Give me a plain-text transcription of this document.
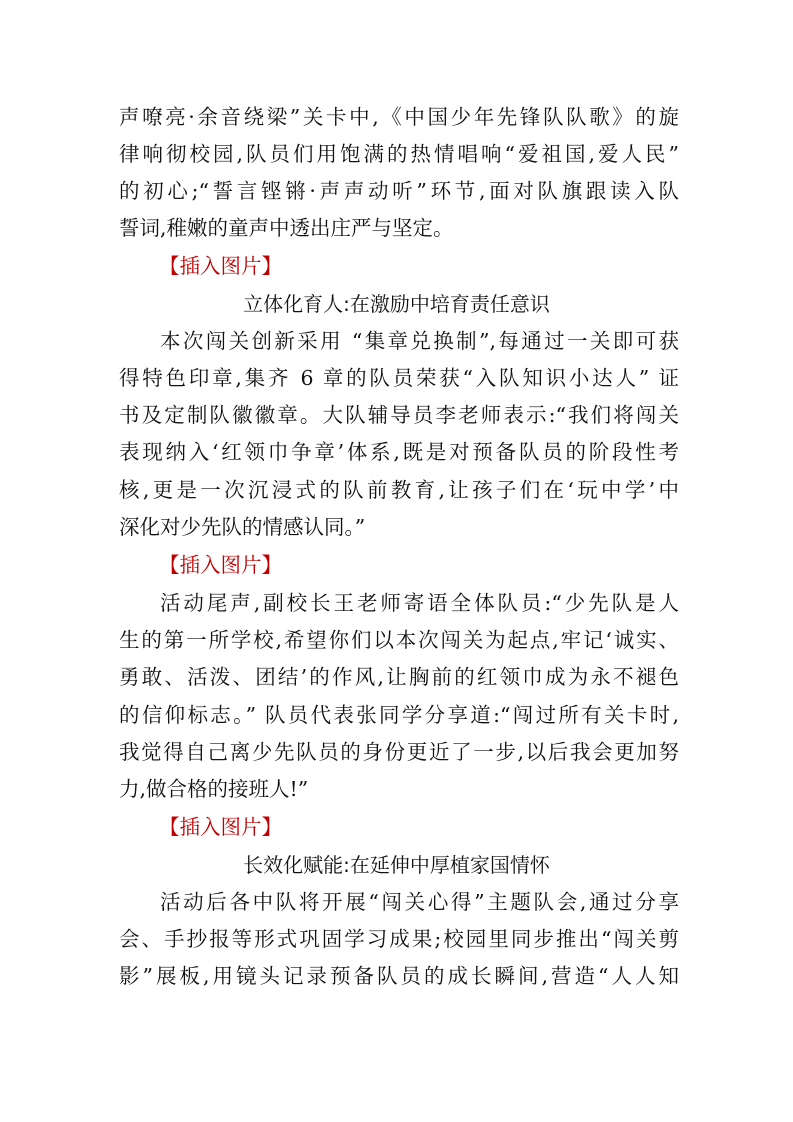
声嘹亮·余音绕梁”关卡中,《中国少年先锋队队歌》的旋
律响彻校园,队员们用饱满的热情唱响“爱祖国,爱人民”
的初心;“誓言铿锵·声声动听”环节,面对队旗跟读入队
誓词,稚嫩的童声中透出庄严与坚定。
【插入图片】
立体化育人:在激励中培育责任意识
本次闯关创新采用 “集章兑换制”,每通过一关即可获
得特色印章,集齐 6 章的队员荣获“入队知识小达人” 证
书及定制队徽徽章。大队辅导员李老师表示:“我们将闯关
表现纳入‘红领巾争章’体系,既是对预备队员的阶段性考
核,更是一次沉浸式的队前教育,让孩子们在‘玩中学’中
深化对少先队的情感认同。”
【插入图片】
活动尾声,副校长王老师寄语全体队员:“少先队是人
生的第一所学校,希望你们以本次闯关为起点,牢记‘诚实、
勇敢、活泼、团结’的作风,让胸前的红领巾成为永不褪色
的信仰标志。” 队员代表张同学分享道:“闯过所有关卡时,
我觉得自己离少先队员的身份更近了一步,以后我会更加努
力,做合格的接班人!”
【插入图片】
长效化赋能:在延伸中厚植家国情怀
活动后各中队将开展“闯关心得”主题队会,通过分享
会、手抄报等形式巩固学习成果;校园里同步推出“闯关剪
影”展板,用镜头记录预备队员的成长瞬间,营造“人人知
